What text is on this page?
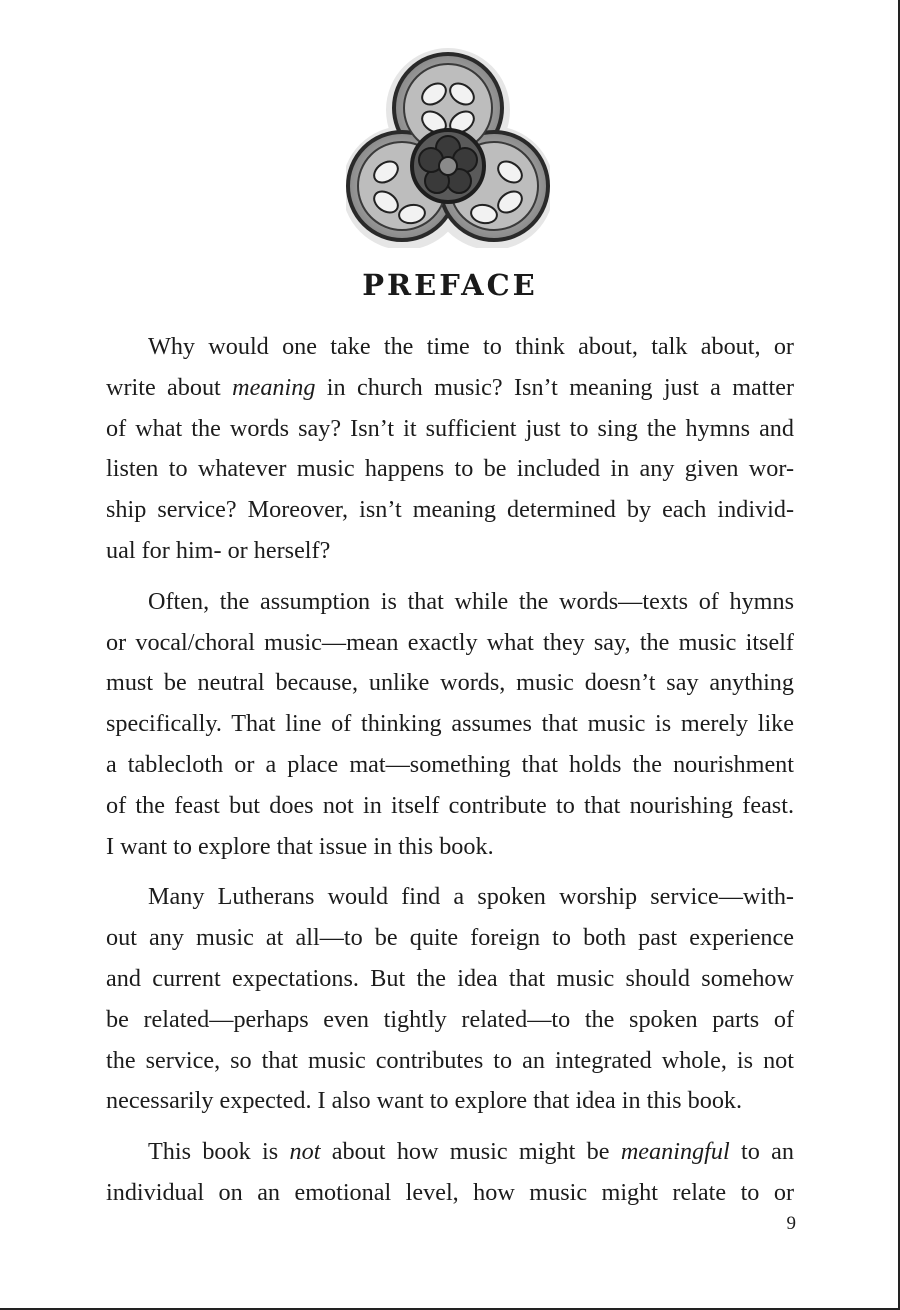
PREFACE
Why would one take the time to think about, talk about, or
write about meaning in church music? Isn’t meaning just a matter
of what the words say? Isn’t it sufficient just to sing the hymns and
listen to whatever music happens to be included in any given wor-
ship service? Moreover, isn’t meaning determined by each individ-
ual for him- or herself?
Often, the assumption is that while the words—texts of hymns
or vocal/choral music—mean exactly what they say, the music itself
must be neutral because, unlike words, music doesn’t say anything
specifically. That line of thinking assumes that music is merely like
a tablecloth or a place mat—something that holds the nourishment
of the feast but does not in itself contribute to that nourishing feast.
I want to explore that issue in this book.
Many Lutherans would find a spoken worship service—with-
out any music at all—to be quite foreign to both past experience
and current expectations. But the idea that music should somehow
be related—perhaps even tightly related—to the spoken parts of
the service, so that music contributes to an integrated whole, is not
necessarily expected. I also want to explore that idea in this book.
This book is not about how music might be meaningful to an
individual on an emotional level, how music might relate to or
9
